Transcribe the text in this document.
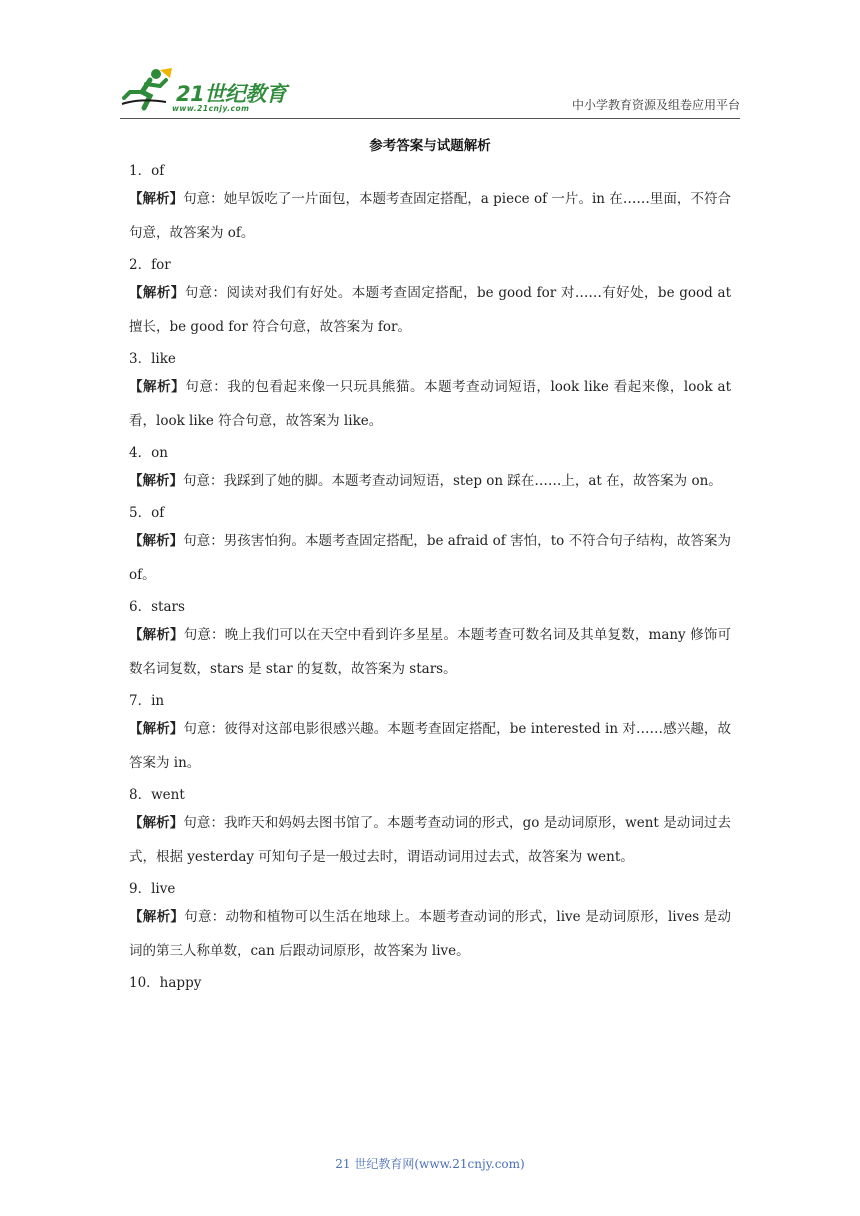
21世纪教育
www.21cnjy.com	中小学教育资源及组卷应用平台
参考答案与试题解析
1．of
【解析】句意：她早饭吃了一片面包，本题考查固定搭配，a piece of 一片。in 在……里面，不符合句意，故答案为 of。
2．for
【解析】句意：阅读对我们有好处。本题考查固定搭配，be good for 对……有好处，be good at 擅长，be good for 符合句意，故答案为 for。
3．like
【解析】句意：我的包看起来像一只玩具熊猫。本题考查动词短语，look like 看起来像，look at 看，look like 符合句意，故答案为 like。
4．on
【解析】句意：我踩到了她的脚。本题考查动词短语，step on 踩在……上，at 在，故答案为 on。
5．of
【解析】句意：男孩害怕狗。本题考查固定搭配，be afraid of 害怕，to 不符合句子结构，故答案为 of。
6．stars
【解析】句意：晚上我们可以在天空中看到许多星星。本题考查可数名词及其单复数，many 修饰可数名词复数，stars 是 star 的复数，故答案为 stars。
7．in
【解析】句意：彼得对这部电影很感兴趣。本题考查固定搭配，be interested in 对……感兴趣，故答案为 in。
8．went
【解析】句意：我昨天和妈妈去图书馆了。本题考查动词的形式，go 是动词原形，went 是动词过去式，根据 yesterday 可知句子是一般过去时，谓语动词用过去式，故答案为 went。
9．live
【解析】句意：动物和植物可以生活在地球上。本题考查动词的形式，live 是动词原形，lives 是动词的第三人称单数，can 后跟动词原形，故答案为 live。
10．happy
21 世纪教育网(www.21cnjy.com)
